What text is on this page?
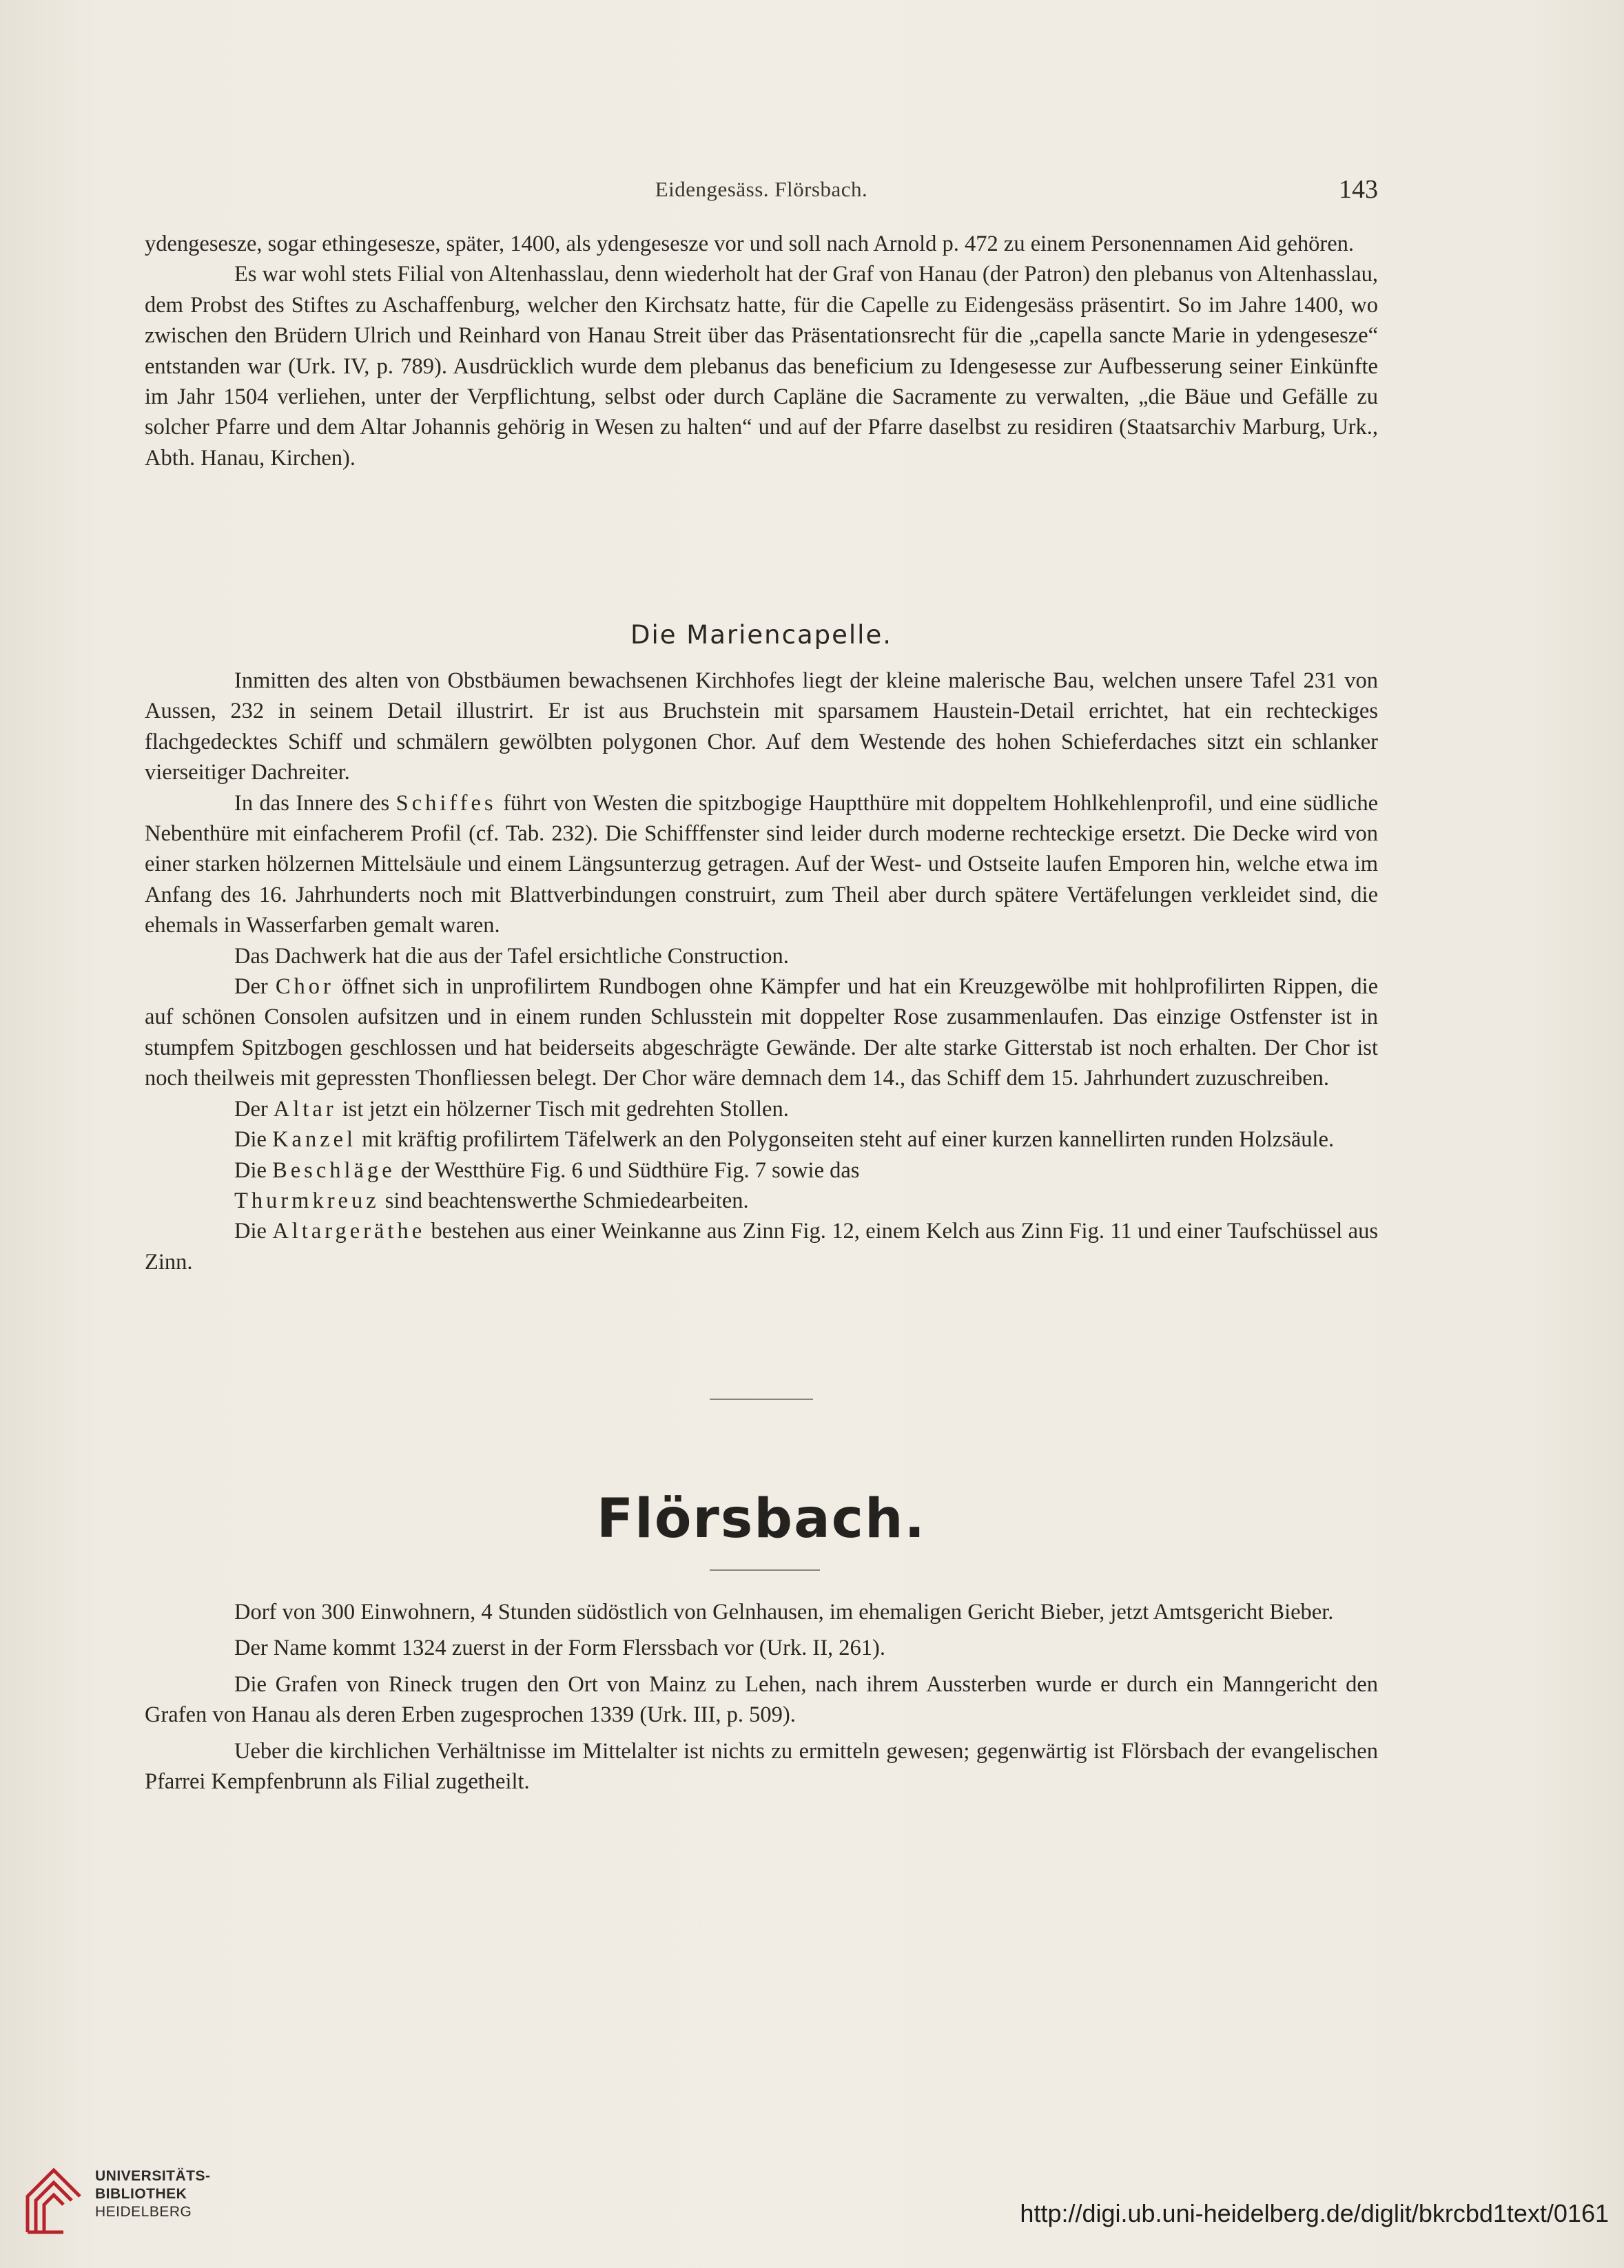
Eidengesäss. Flörsbach.	143

ydengesesze, sogar ethingesesze, später, 1400, als ydengesesze vor und soll nach Arnold p. 472 zu einem Personennamen Aid gehören.

Es war wohl stets Filial von Altenhasslau, denn wiederholt hat der Graf von Hanau (der Patron) den plebanus von Altenhasslau, dem Probst des Stiftes zu Aschaffenburg, welcher den Kirchsatz hatte, für die Capelle zu Eidengesäss präsentirt. So im Jahre 1400, wo zwischen den Brüdern Ulrich und Reinhard von Hanau Streit über das Präsentationsrecht für die „capella sancte Marie in ydengesesze“ entstanden war (Urk. IV, p. 789). Ausdrücklich wurde dem plebanus das beneficium zu Idengesesse zur Aufbesserung seiner Einkünfte im Jahr 1504 verliehen, unter der Verpflichtung, selbst oder durch Capläne die Sacramente zu verwalten, „die Bäue und Gefälle zu solcher Pfarre und dem Altar Johannis gehörig in Wesen zu halten“ und auf der Pfarre daselbst zu residiren (Staatsarchiv Marburg, Urk., Abth. Hanau, Kirchen).

Die Mariencapelle.

Inmitten des alten von Obstbäumen bewachsenen Kirchhofes liegt der kleine malerische Bau, welchen unsere Tafel 231 von Aussen, 232 in seinem Detail illustrirt. Er ist aus Bruchstein mit sparsamem Haustein-Detail errichtet, hat ein rechteckiges flachgedecktes Schiff und schmälern gewölbten polygonen Chor. Auf dem Westende des hohen Schieferdaches sitzt ein schlanker vierseitiger Dachreiter.

In das Innere des Schiffes führt von Westen die spitzbogige Hauptthüre mit doppeltem Hohlkehlenprofil, und eine südliche Nebenthüre mit einfacherem Profil (cf. Tab. 232). Die Schifffenster sind leider durch moderne rechteckige ersetzt. Die Decke wird von einer starken hölzernen Mittelsäule und einem Längsunterzug getragen. Auf der West- und Ostseite laufen Emporen hin, welche etwa im Anfang des 16. Jahrhunderts noch mit Blattverbindungen construirt, zum Theil aber durch spätere Vertäfelungen verkleidet sind, die ehemals in Wasserfarben gemalt waren.

Das Dachwerk hat die aus der Tafel ersichtliche Construction.

Der Chor öffnet sich in unprofilirtem Rundbogen ohne Kämpfer und hat ein Kreuzgewölbe mit hohlprofilirten Rippen, die auf schönen Consolen aufsitzen und in einem runden Schlusstein mit doppelter Rose zusammenlaufen. Das einzige Ostfenster ist in stumpfem Spitzbogen geschlossen und hat beiderseits abgeschrägte Gewände. Der alte starke Gitterstab ist noch erhalten. Der Chor ist noch theilweis mit gepressten Thonfliessen belegt. Der Chor wäre demnach dem 14., das Schiff dem 15. Jahrhundert zuzuschreiben.

Der Altar ist jetzt ein hölzerner Tisch mit gedrehten Stollen.

Die Kanzel mit kräftig profilirtem Täfelwerk an den Polygonseiten steht auf einer kurzen kannellirten runden Holzsäule.

Die Beschläge der Westthüre Fig. 6 und Südthüre Fig. 7 sowie das

Thurmkreuz sind beachtenswerthe Schmiedearbeiten.

Die Altargeräthe bestehen aus einer Weinkanne aus Zinn Fig. 12, einem Kelch aus Zinn Fig. 11 und einer Taufschüssel aus Zinn.

Flörsbach.

Dorf von 300 Einwohnern, 4 Stunden südöstlich von Gelnhausen, im ehemaligen Gericht Bieber, jetzt Amtsgericht Bieber.

Der Name kommt 1324 zuerst in der Form Flerssbach vor (Urk. II, 261).

Die Grafen von Rineck trugen den Ort von Mainz zu Lehen, nach ihrem Aussterben wurde er durch ein Manngericht den Grafen von Hanau als deren Erben zugesprochen 1339 (Urk. III, p. 509).

Ueber die kirchlichen Verhältnisse im Mittelalter ist nichts zu ermitteln gewesen; gegenwärtig ist Flörsbach der evangelischen Pfarrei Kempfenbrunn als Filial zugetheilt.

UNIVERSITÄTS-
BIBLIOTHEK
HEIDELBERG	http://digi.ub.uni-heidelberg.de/diglit/bkrcbd1text/0161
